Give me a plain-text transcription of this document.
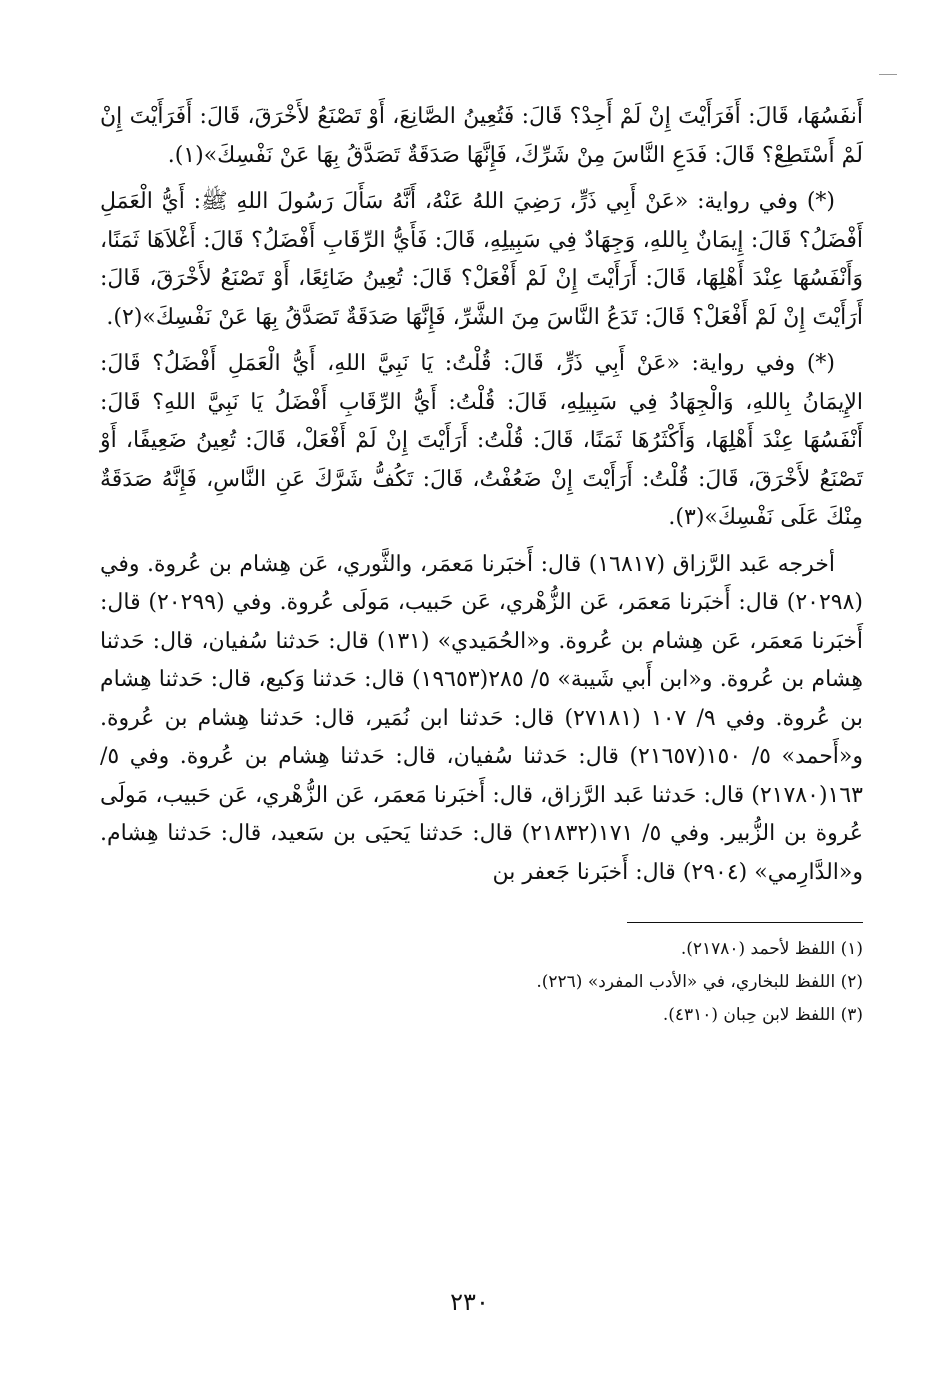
أَنفَسُهَا، قَالَ: أَفَرَأَيْتَ إِنْ لَمْ أَجِدْ؟ قَالَ: فَتُعِينُ الصَّانِعَ، أَوْ تَصْنَعُ لأَخْرَقَ، قَالَ: أَفَرَأَيْتَ إِنْ لَمْ أَسْتَطِعْ؟ قَالَ: فَدَعِ النَّاسَ مِنْ شَرِّكَ، فَإِنَّهَا صَدَقَةٌ تَصَدَّقُ بِهَا عَنْ نَفْسِكَ»(١).

(*) وفي رواية: «عَنْ أَبِي ذَرٍّ، رَضِيَ اللهُ عَنْهُ، أَنَّهُ سَأَلَ رَسُولَ اللهِ ﷺ: أَيُّ الْعَمَلِ أَفْضَلُ؟ قَالَ: إِيمَانٌ بِاللهِ، وَجِهَادٌ فِي سَبِيلِهِ، قَالَ: فَأَيُّ الرِّقَابِ أَفْضَلُ؟ قَالَ: أَغْلاَهَا ثَمَنًا، وَأَنْفَسُهَا عِنْدَ أَهْلِهَا، قَالَ: أَرَأَيْتَ إِنْ لَمْ أَفْعَلْ؟ قَالَ: تُعِينُ ضَائِعًا، أَوْ تَصْنَعُ لأَخْرَقَ، قَالَ: أَرَأَيْتَ إِنْ لَمْ أَفْعَلْ؟ قَالَ: تَدَعُ النَّاسَ مِنَ الشَّرِّ، فَإِنَّهَا صَدَقَةٌ تَصَدَّقُ بِهَا عَنْ نَفْسِكَ»(٢).

(*) وفي رواية: «عَنْ أَبِي ذَرٍّ، قَالَ: قُلْتُ: يَا نَبِيَّ اللهِ، أَيُّ الْعَمَلِ أَفْضَلُ؟ قَالَ: الإِيمَانُ بِاللهِ، وَالْجِهَادُ فِي سَبِيلِهِ، قَالَ: قُلْتُ: أَيُّ الرِّقَابِ أَفْضَلُ يَا نَبِيَّ اللهِ؟ قَالَ: أَنْفَسُهَا عِنْدَ أَهْلِهَا، وَأَكْثَرُهَا ثَمَنًا، قَالَ: قُلْتُ: أَرَأَيْتَ إِنْ لَمْ أَفْعَلْ، قَالَ: تُعِينُ ضَعِيفًا، أَوْ تَصْنَعُ لأَخْرَقَ، قَالَ: قُلْتُ: أَرَأَيْتَ إِنْ ضَعُفْتُ، قَالَ: تَكُفُّ شَرَّكَ عَنِ النَّاسِ، فَإِنَّهُ صَدَقَةٌ مِنْكَ عَلَى نَفْسِكَ»(٣).

أخرجه عَبد الرَّزاق (١٦٨١٧) قال: أَخبَرنا مَعمَر، والثَّوري، عَن هِشام بن عُروة. وفي (٢٠٢٩٨) قال: أَخبَرنا مَعمَر، عَن الزُّهْري، عَن حَبيب، مَولَى عُروة. وفي (٢٠٢٩٩) قال: أَخبَرنا مَعمَر، عَن هِشام بن عُروة. و«الحُمَيدي» (١٣١) قال: حَدثنا سُفيان، قال: حَدثنا هِشام بن عُروة. و«ابن أَبي شَيبة» ٥/ ٢٨٥(١٩٦٥٣) قال: حَدثنا وَكيع، قال: حَدثنا هِشام بن عُروة. وفي ٩/ ١٠٧ (٢٧١٨١) قال: حَدثنا ابن نُمَير، قال: حَدثنا هِشام بن عُروة. و«أَحمد» ٥/ ١٥٠(٢١٦٥٧) قال: حَدثنا سُفيان، قال: حَدثنا هِشام بن عُروة. وفي ٥/ ١٦٣(٢١٧٨٠) قال: حَدثنا عَبد الرَّزاق، قال: أَخبَرنا مَعمَر، عَن الزُّهْري، عَن حَبيب، مَولَى عُروة بن الزُّبير. وفي ٥/ ١٧١(٢١٨٣٢) قال: حَدثنا يَحيَى بن سَعيد، قال: حَدثنا هِشام. و«الدَّارِمي» (٢٩٠٤) قال: أَخبَرنا جَعفر بن

(١) اللفظ لأحمد (٢١٧٨٠).

(٢) اللفظ للبخاري، في «الأدب المفرد» (٢٢٦).

(٣) اللفظ لابن حِبان (٤٣١٠).

٢٣٠
